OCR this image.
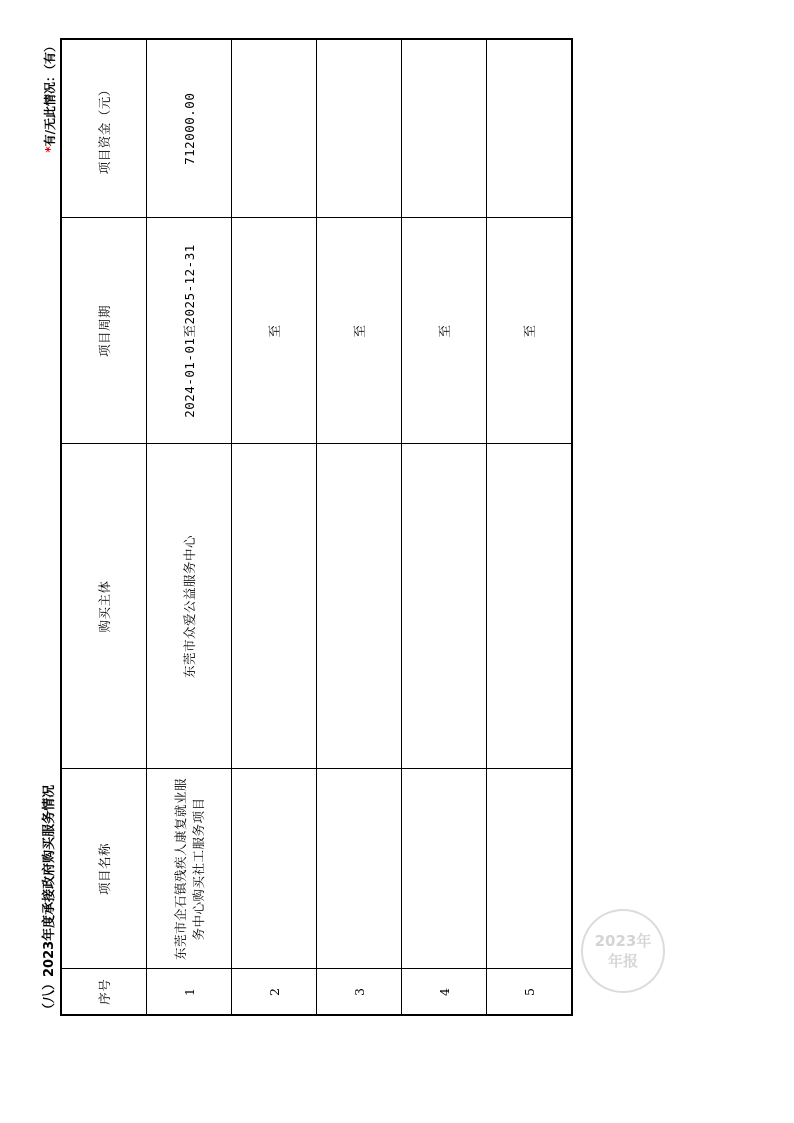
（八）2023年度承接政府购买服务情况
*有/无此情况：（有）
序号	项目名称	购买主体	项目周期	项目资金（元）
1	东莞市企石镇残疾人康复就业服务中心购买社工服务项目	东莞市众爱公益服务中心	2024-01-01至2025-12-31	712000.00
2			至	
3			至	
4			至	
5			至	
2023年
年报
